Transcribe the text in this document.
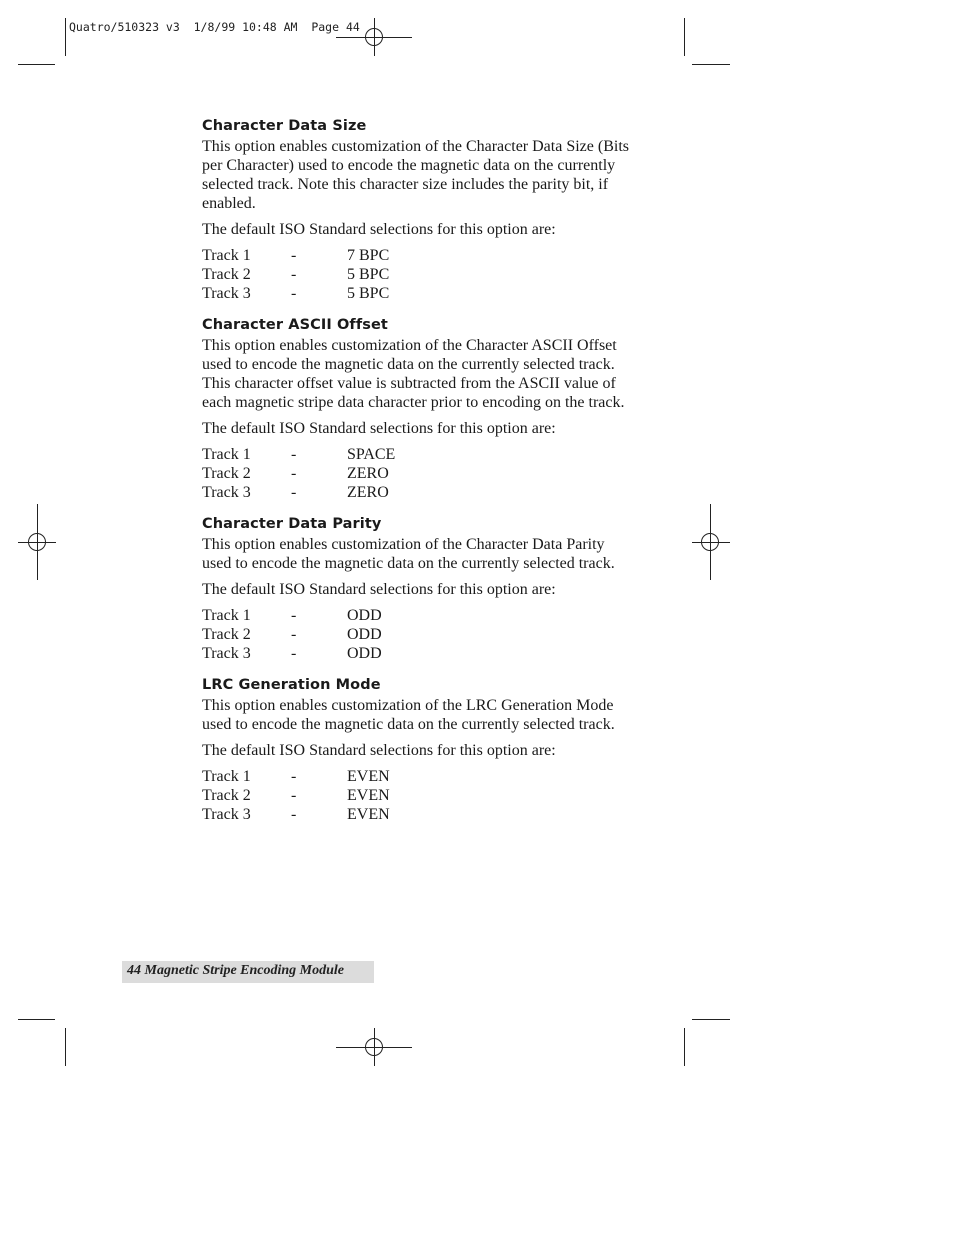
Quatro/510323 v3  1/8/99 10:48 AM  Page 44
Character Data Size

This option enables customization of the Character Data Size (Bits per Character) used to encode the magnetic data on the currently selected track. Note this character size includes the parity bit, if enabled.

The default ISO Standard selections for this option are:

Track 1	-	7 BPC
Track 2	-	5 BPC
Track 3	-	5 BPC
Character ASCII Offset

This option enables customization of the Character ASCII Offset used to encode the magnetic data on the currently selected track. This character offset value is subtracted from the ASCII value of each magnetic stripe data character prior to encoding on the track.

The default ISO Standard selections for this option are:

Track 1	-	SPACE
Track 2	-	ZERO
Track 3	-	ZERO
Character Data Parity

This option enables customization of the Character Data Parity used to encode the magnetic data on the currently selected track.

The default ISO Standard selections for this option are:

Track 1	-	ODD
Track 2	-	ODD
Track 3	-	ODD
LRC Generation Mode

This option enables customization of the LRC Generation Mode used to encode the magnetic data on the currently selected track.

The default ISO Standard selections for this option are:

Track 1	-	EVEN
Track 2	-	EVEN
Track 3	-	EVEN
44 Magnetic Stripe Encoding Module
